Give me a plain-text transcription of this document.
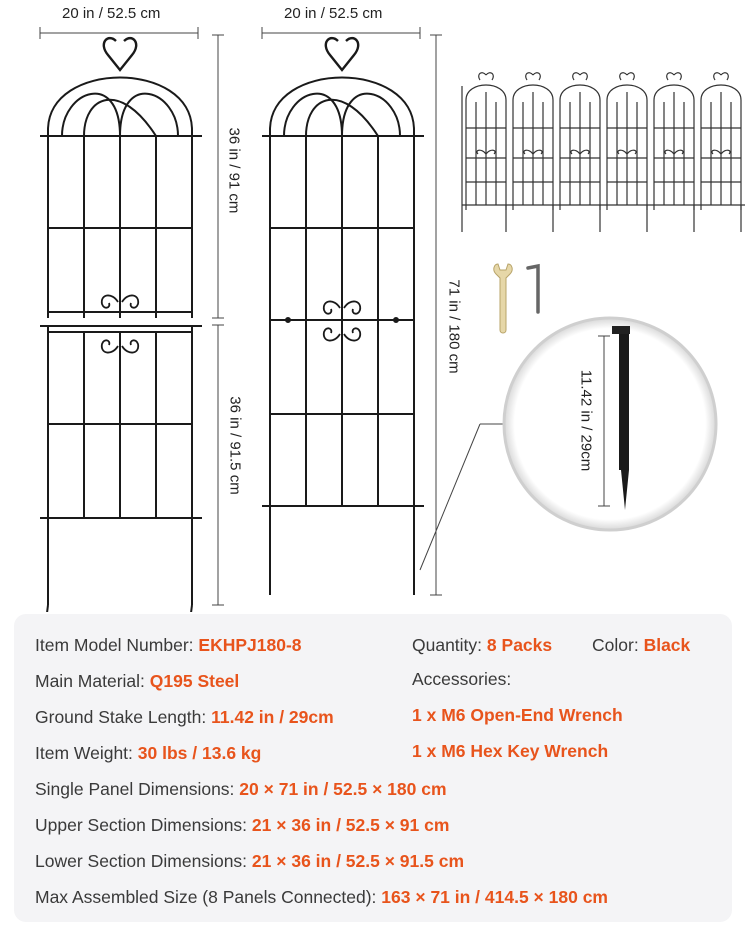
20 in / 52.5 cm	20 in / 52.5 cm
36 in / 91 cm
36 in / 91.5 cm
71 in / 180 cm
11.42 in / 29cm
Item Model Number: EKHPJ180-8	Quantity: 8 Packs Color: Black
Main Material: Q195 Steel	Accessories:
Ground Stake Length: 11.42 in / 29cm	1 x M6 Open-End Wrench
Item Weight: 30 lbs / 13.6 kg	1 x M6 Hex Key Wrench
Single Panel Dimensions: 20 × 71 in / 52.5 × 180 cm
Upper Section Dimensions: 21 × 36 in / 52.5 × 91 cm
Lower Section Dimensions: 21 × 36 in / 52.5 × 91.5 cm
Max Assembled Size (8 Panels Connected): 163 × 71 in / 414.5 × 180 cm
